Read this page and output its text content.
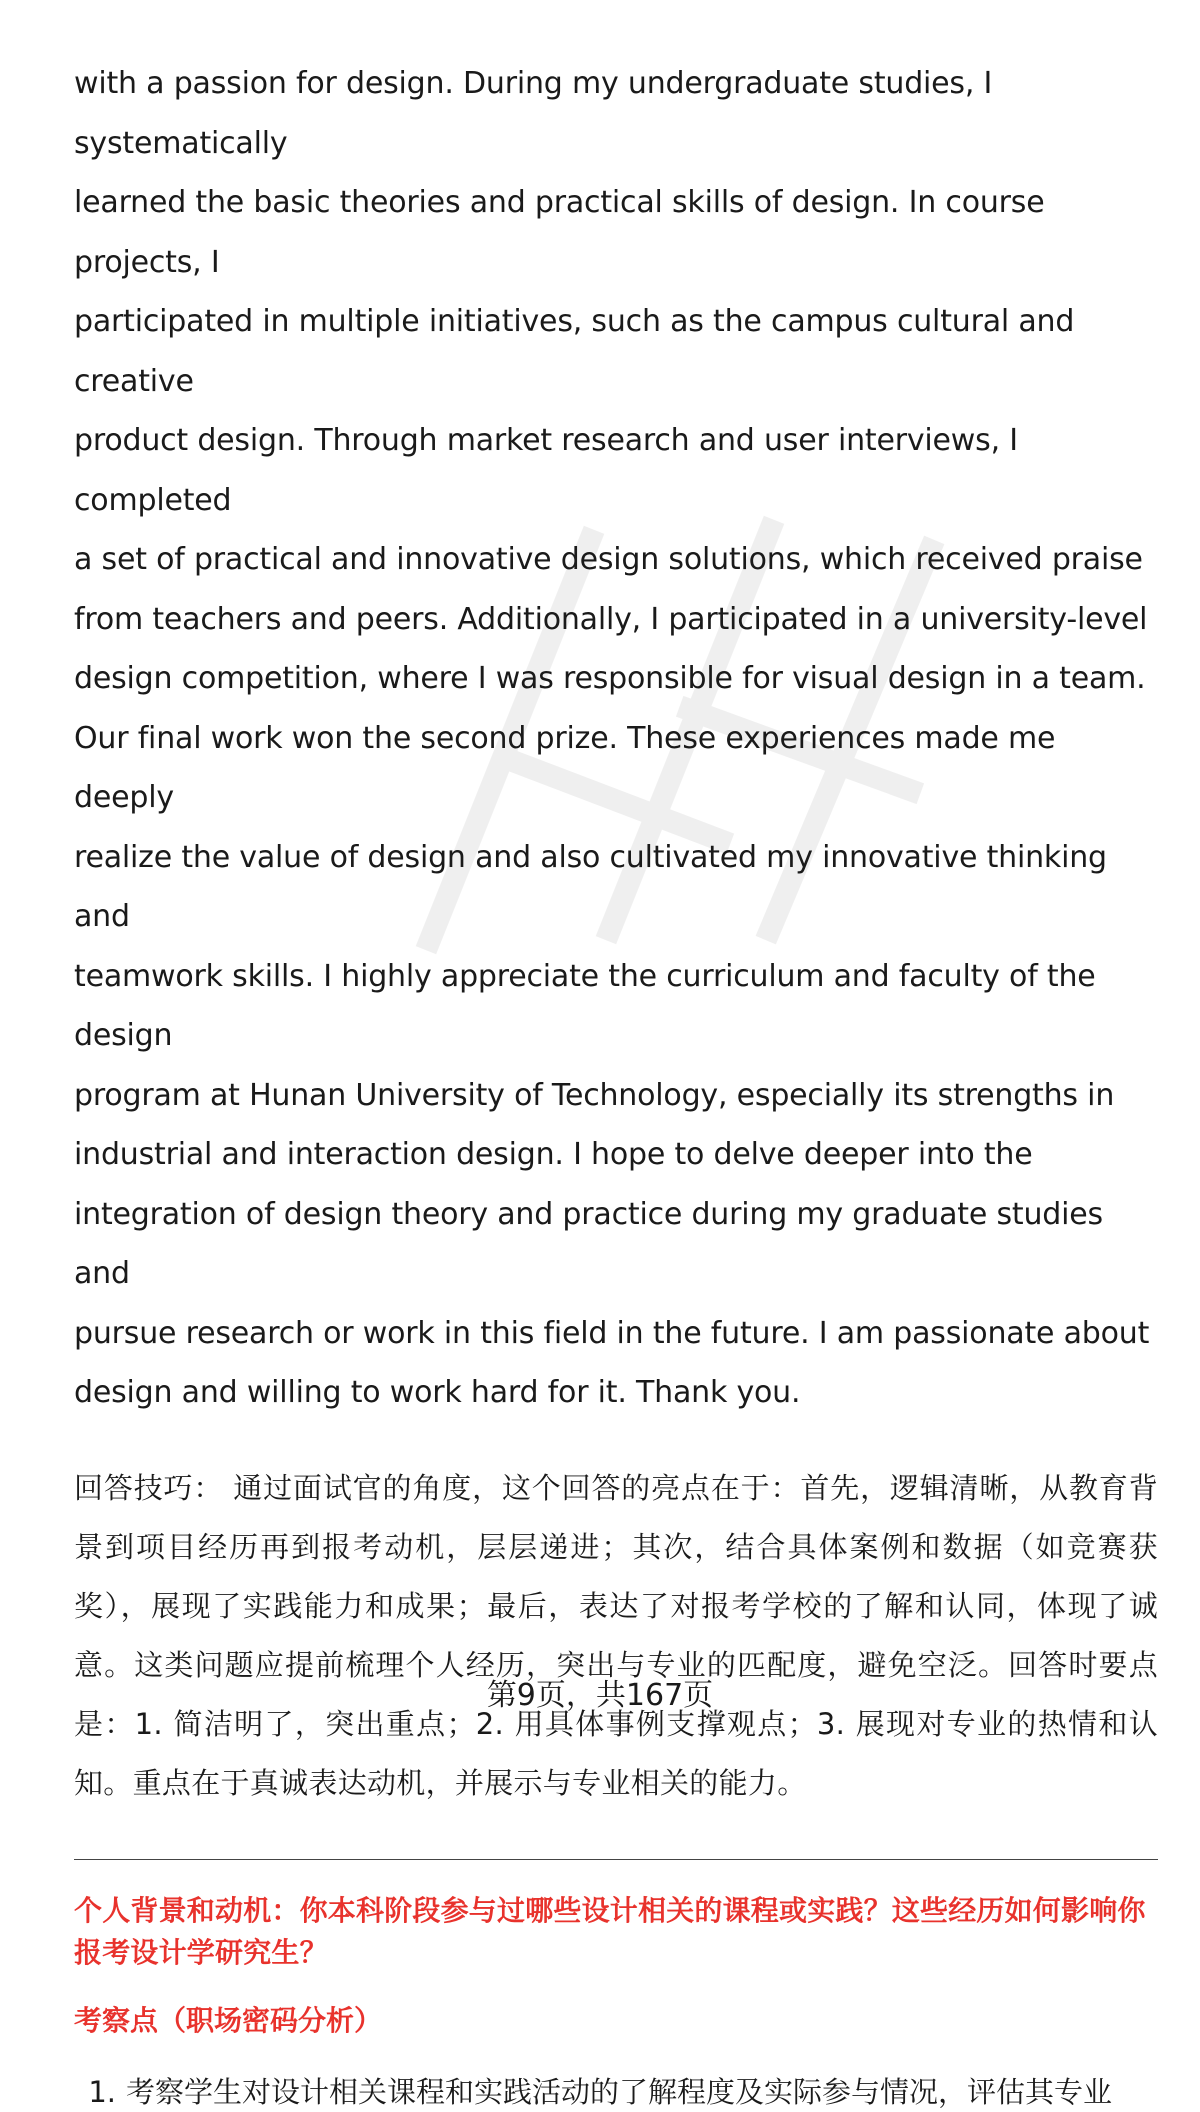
with a passion for design. During my undergraduate studies, I systematically
learned the basic theories and practical skills of design. In course projects, I
participated in multiple initiatives, such as the campus cultural and creative
product design. Through market research and user interviews, I completed
a set of practical and innovative design solutions, which received praise
from teachers and peers. Additionally, I participated in a university-level
design competition, where I was responsible for visual design in a team.
Our final work won the second prize. These experiences made me deeply
realize the value of design and also cultivated my innovative thinking and
teamwork skills. I highly appreciate the curriculum and faculty of the design
program at Hunan University of Technology, especially its strengths in
industrial and interaction design. I hope to delve deeper into the
integration of design theory and practice during my graduate studies and
pursue research or work in this field in the future. I am passionate about
design and willing to work hard for it. Thank you.

回答技巧： 通过面试官的角度，这个回答的亮点在于：首先，逻辑清晰，从教育背景到项目经历再到报考动机，层层递进；其次，结合具体案例和数据（如竞赛获奖），展现了实践能力和成果；最后，表达了对报考学校的了解和认同，体现了诚意。这类问题应提前梳理个人经历，突出与专业的匹配度，避免空泛。回答时要点是：1. 简洁明了，突出重点；2. 用具体事例支撑观点；3. 展现对专业的热情和认知。重点在于真诚表达动机，并展示与专业相关的能力。

个人背景和动机：你本科阶段参与过哪些设计相关的课程或实践？这些经历如何影响你报考设计学研究生？
考察点（职场密码分析）
1. 考察学生对设计相关课程和实践活动的了解程度及实际参与情况，评估其专业
第9页，共167页
